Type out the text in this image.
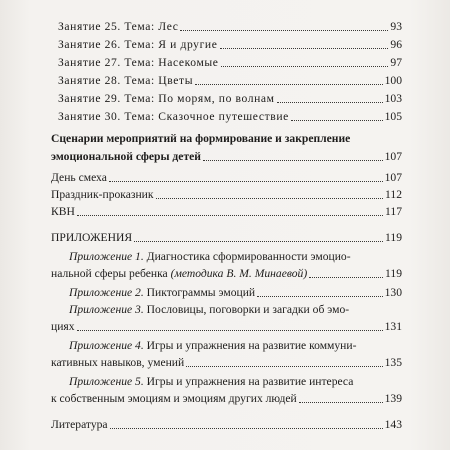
Занятие 25. Тема: Лес	93
Занятие 26. Тема: Я и другие	96
Занятие 27. Тема: Насекомые	97
Занятие 28. Тема: Цветы	100
Занятие 29. Тема: По морям, по волнам	103
Занятие 30. Тема: Сказочное путешествие	105
Сценарии мероприятий на формирование и закрепление
эмоциональной сферы детей	107
День смеха	107
Праздник-проказник	112
КВН	117
ПРИЛОЖЕНИЯ	119
Приложение 1. Диагностика сформированности эмоцио-
нальной сферы ребенка (методика В. М. Минаевой)	119
Приложение 2. Пиктограммы эмоций	130
Приложение 3. Пословицы, поговорки и загадки об эмо-
циях	131
Приложение 4. Игры и упражнения на развитие коммуни-
кативных навыков, умений	135
Приложение 5. Игры и упражнения на развитие интереса
к собственным эмоциям и эмоциям других людей	139
Литература	143
